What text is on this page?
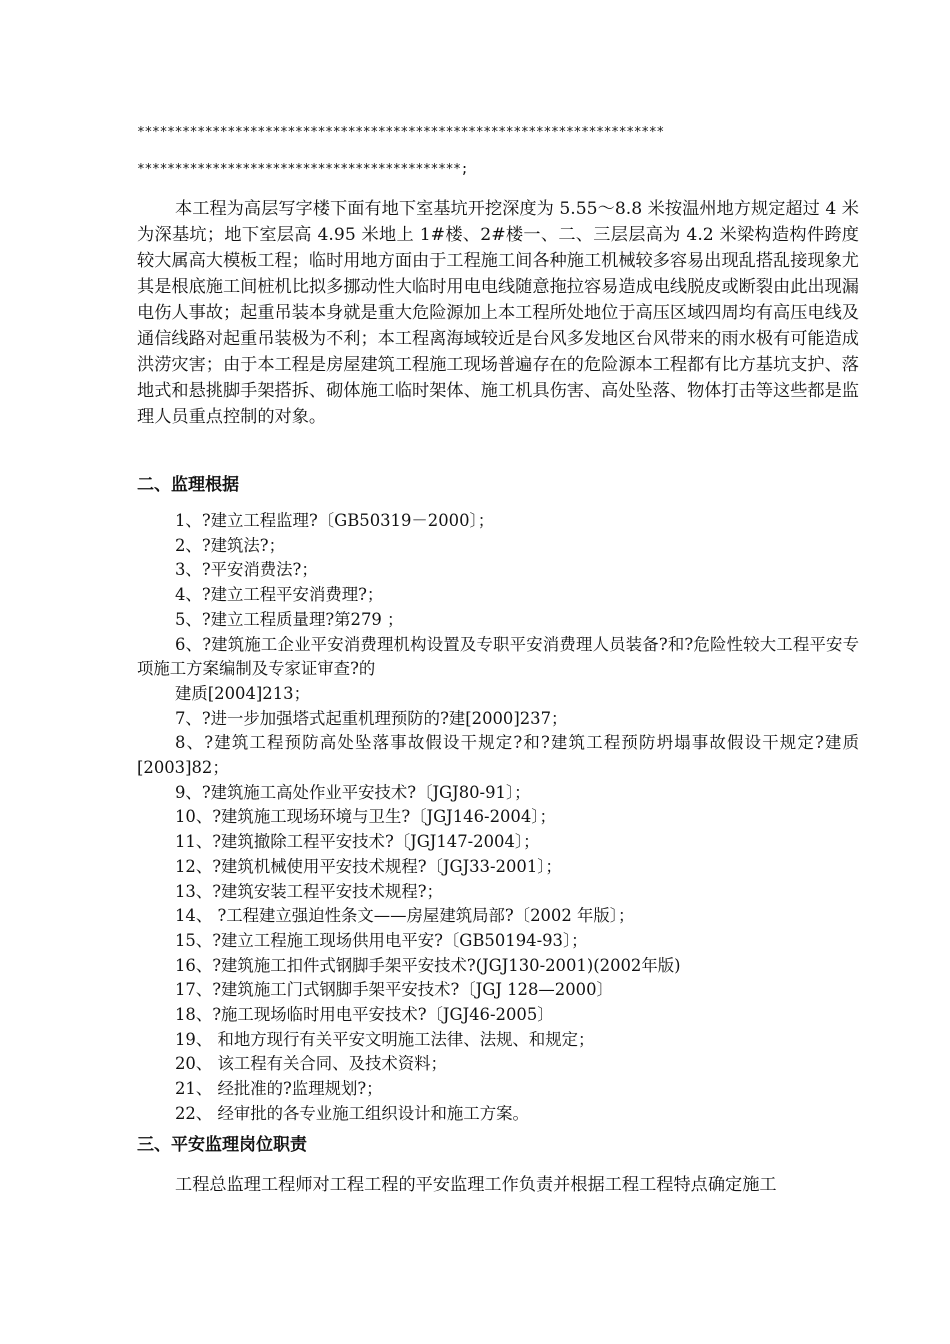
**********************************************************************
*******************************************;

本工程为高层写字楼下面有地下室基坑开挖深度为 5.55～8.8 米按温州地方规定超过 4 米为深基坑；地下室层高 4.95 米地上 1#楼、2#楼一、二、三层层高为 4.2 米梁构造构件跨度较大属高大模板工程；临时用地方面由于工程施工间各种施工机械较多容易出现乱搭乱接现象尤其是根底施工间桩机比拟多挪动性大临时用电电线随意拖拉容易造成电线脱皮或断裂由此出现漏电伤人事故；起重吊装本身就是重大危险源加上本工程所处地位于高压区域四周均有高压电线及通信线路对起重吊装极为不利；本工程离海域较近是台风多发地区台风带来的雨水极有可能造成洪涝灾害；由于本工程是房屋建筑工程施工现场普遍存在的危险源本工程都有比方基坑支护、落地式和悬挑脚手架搭拆、砌体施工临时架体、施工机具伤害、高处坠落、物体打击等这些都是监理人员重点控制的对象。

二、监理根据
1、?建立工程监理?〔GB50319－2000〕；
2、?建筑法?；
3、?平安消费法?；
4、?建立工程平安消费理?；
5、?建立工程质量理?第279 ；
6、?建筑施工企业平安消费理机构设置及专职平安消费理人员装备?和?危险性较大工程平安专项施工方案编制及专家证审查?的
建质[2004]213；
7、?进一步加强塔式起重机理预防的?建[2000]237；
8、?建筑工程预防高处坠落事故假设干规定?和?建筑工程预防坍塌事故假设干规定?建质[2003]82；
9、?建筑施工高处作业平安技术?〔JGJ80-91〕；
10、?建筑施工现场环境与卫生?〔JGJ146-2004〕；
11、?建筑撤除工程平安技术?〔JGJ147-2004〕；
12、?建筑机械使用平安技术规程?〔JGJ33-2001〕；
13、?建筑安装工程平安技术规程?；
14、 ?工程建立强迫性条文——房屋建筑局部?〔2002 年版〕；
15、?建立工程施工现场供用电平安?〔GB50194-93〕；
16、?建筑施工扣件式钢脚手架平安技术?(JGJ130-2001)(2002年版)
17、?建筑施工门式钢脚手架平安技术?〔JGJ 128—2000〕
18、?施工现场临时用电平安技术?〔JGJ46-2005〕
19、 和地方现行有关平安文明施工法律、法规、和规定；
20、 该工程有关合同、及技术资料；
21、 经批准的?监理规划?；
22、 经审批的各专业施工组织设计和施工方案。
三、平安监理岗位职责

工程总监理工程师对工程工程的平安监理工作负责并根据工程工程特点确定施工
